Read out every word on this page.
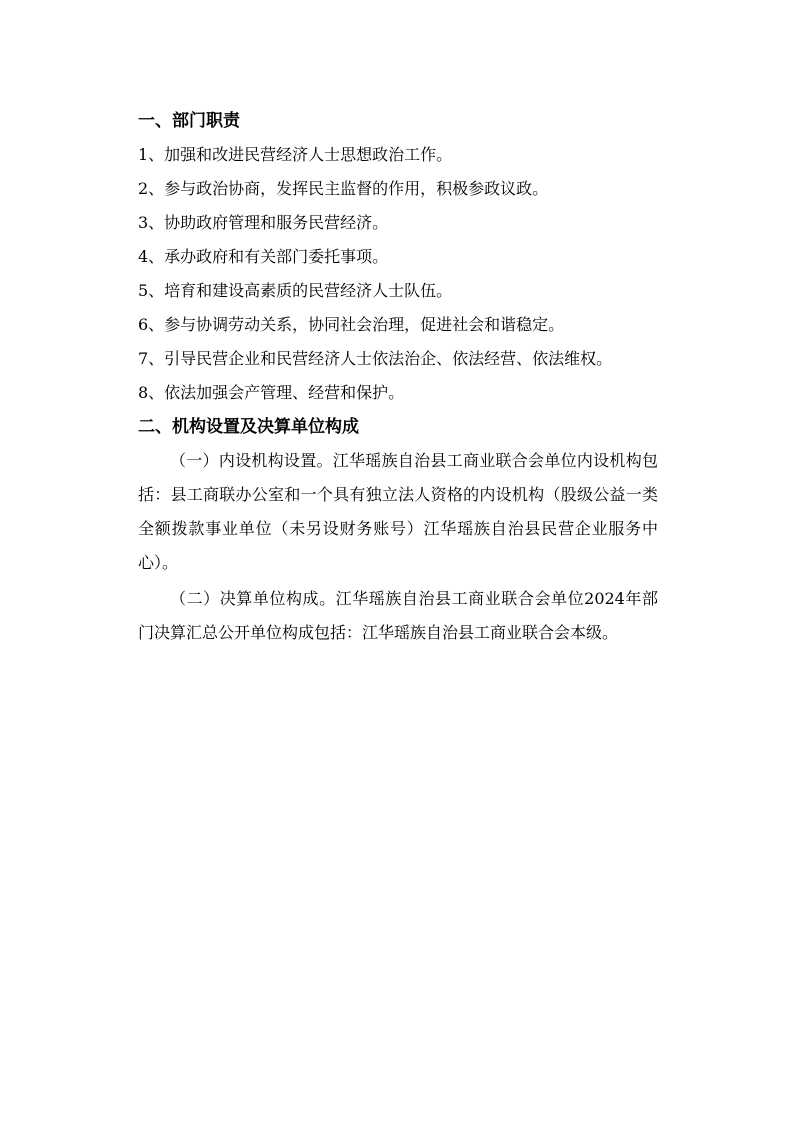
一、部门职责
1、加强和改进民营经济人士思想政治工作。
2、参与政治协商，发挥民主监督的作用，积极参政议政。
3、协助政府管理和服务民营经济。
4、承办政府和有关部门委托事项。
5、培育和建设高素质的民营经济人士队伍。
6、参与协调劳动关系，协同社会治理，促进社会和谐稳定。
7、引导民营企业和民营经济人士依法治企、依法经营、依法维权。
8、依法加强会产管理、经营和保护。
二、机构设置及决算单位构成

（一）内设机构设置。江华瑶族自治县工商业联合会单位内设机构包括：县工商联办公室和一个具有独立法人资格的内设机构（股级公益一类全额拨款事业单位（未另设财务账号）江华瑶族自治县民营企业服务中心）。

（二）决算单位构成。江华瑶族自治县工商业联合会单位2024年部门决算汇总公开单位构成包括：江华瑶族自治县工商业联合会本级。
